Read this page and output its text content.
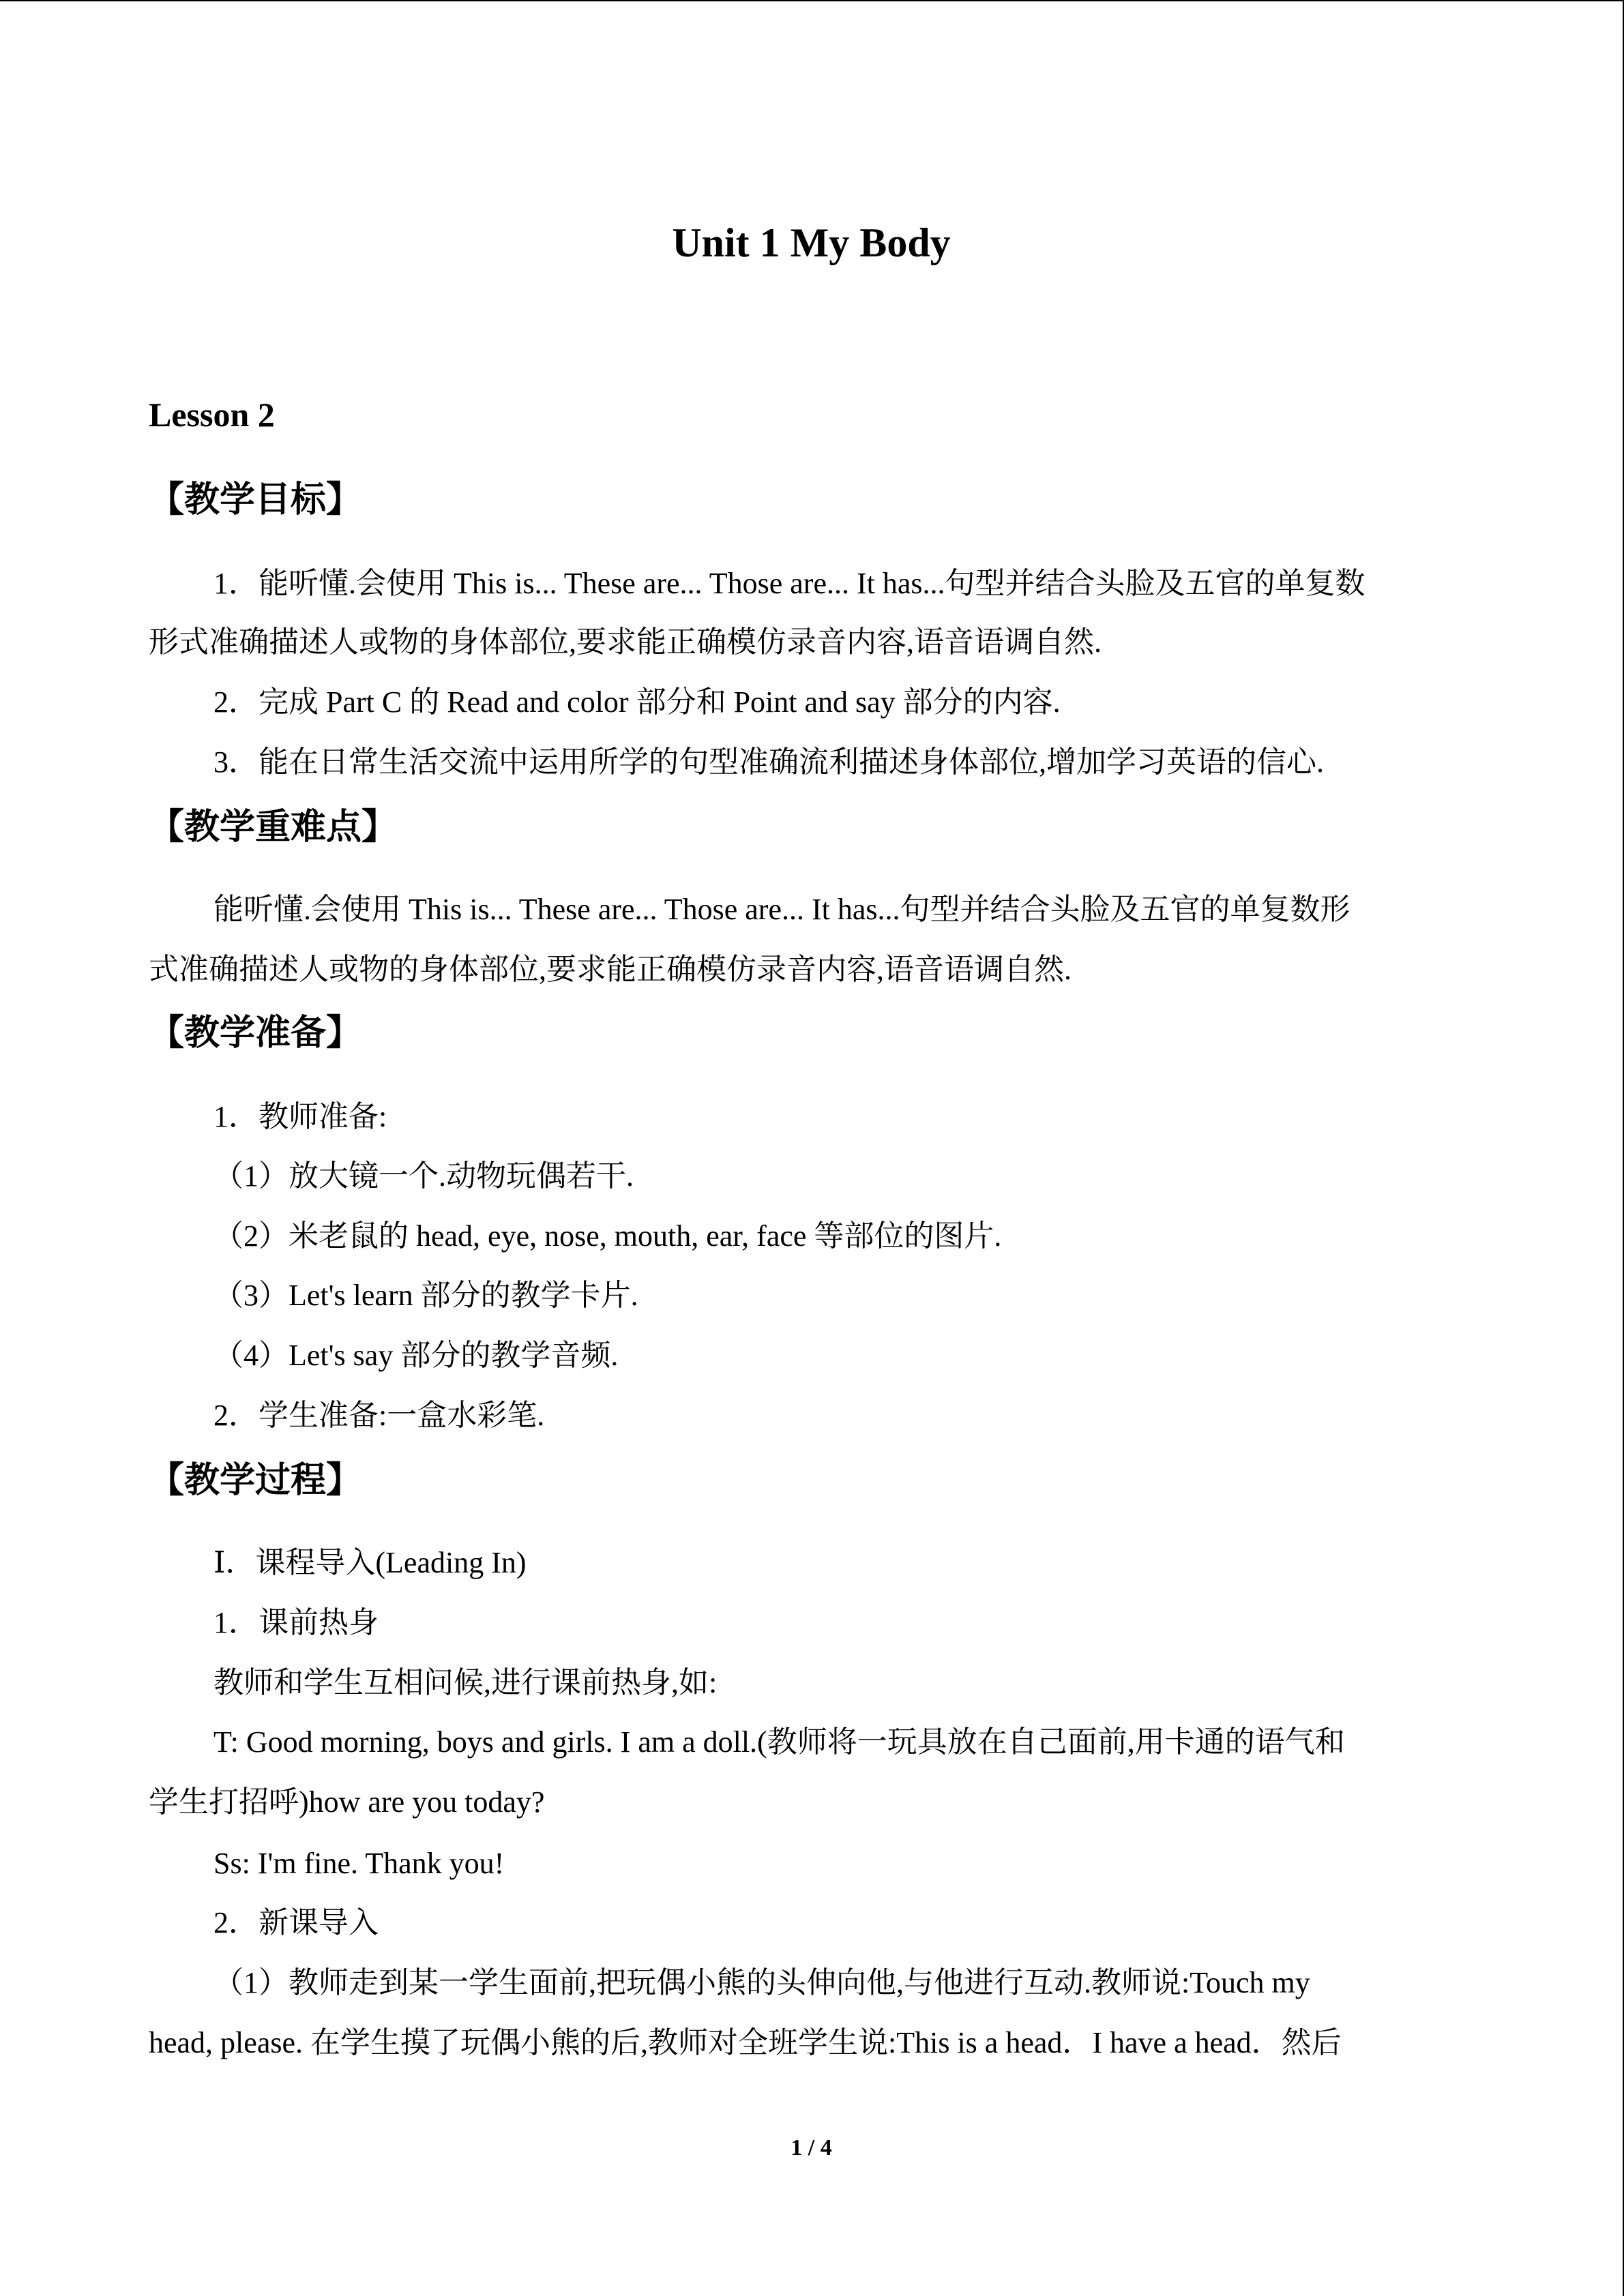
Unit 1 My Body
Lesson 2
【教学目标】
1．能听懂.会使用 This is... These are... Those are... It has...句型并结合头脸及五官的单复数
形式准确描述人或物的身体部位,要求能正确模仿录音内容,语音语调自然.
2．完成 Part C 的 Read and color 部分和 Point and say 部分的内容.
3．能在日常生活交流中运用所学的句型准确流利描述身体部位,增加学习英语的信心.
【教学重难点】
能听懂.会使用 This is... These are... Those are... It has...句型并结合头脸及五官的单复数形
式准确描述人或物的身体部位,要求能正确模仿录音内容,语音语调自然.
【教学准备】
1．教师准备:
（1）放大镜一个.动物玩偶若干.
（2）米老鼠的 head, eye, nose, mouth, ear, face 等部位的图片.
（3）Let's learn 部分的教学卡片.
（4）Let's say 部分的教学音频.
2．学生准备:一盒水彩笔.
【教学过程】
Ⅰ．课程导入(Leading In)
1．课前热身
教师和学生互相问候,进行课前热身,如:
T: Good morning, boys and girls. I am a doll.(教师将一玩具放在自己面前,用卡通的语气和
学生打招呼)how are you today?
Ss: I'm fine. Thank you!
2．新课导入
（1）教师走到某一学生面前,把玩偶小熊的头伸向他,与他进行互动.教师说:Touch my
head, please. 在学生摸了玩偶小熊的后,教师对全班学生说:This is a head．I have a head．然后
1 / 4
